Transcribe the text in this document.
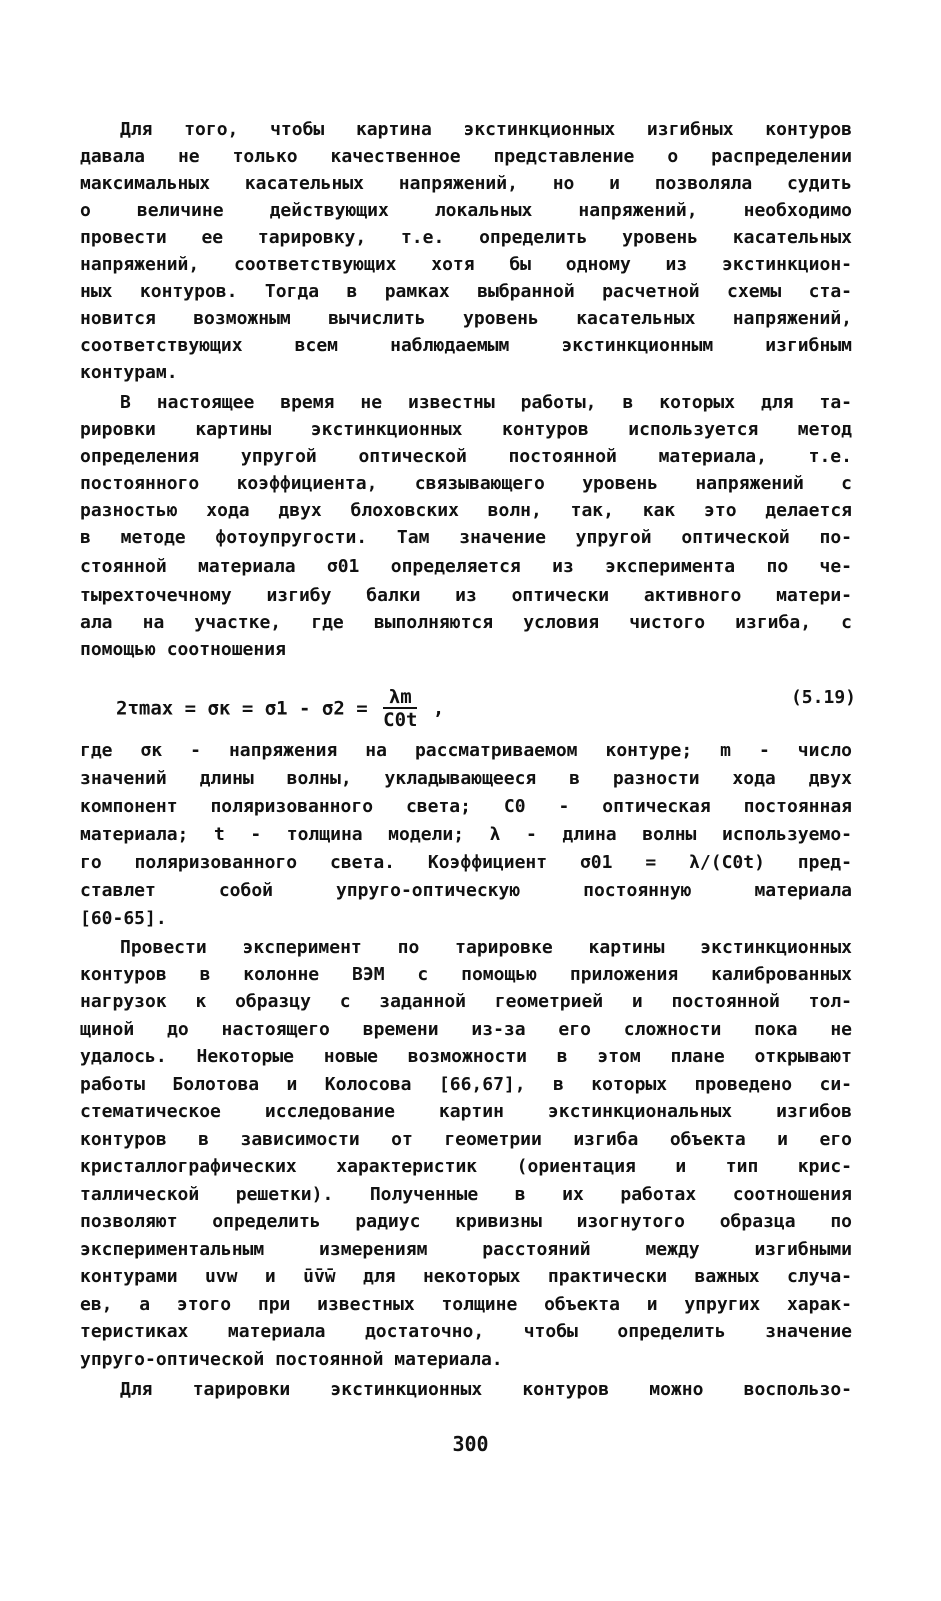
Для того, чтобы картина экстинкционных изгибных контуров
давала не только качественное представление о распределении
максимальных касательных напряжений, но и позволяла судить
о величине действующих локальных напряжений, необходимо
провести ее тарировку, т.е. определить уровень касательных
напряжений, соответствующих хотя бы одному из экстинкцион-
ных контуров. Тогда в рамках выбранной расчетной схемы ста-
новится возможным вычислить уровень касательных напряжений,
соответствующих всем наблюдаемым экстинкционным изгибным
контурам.
В настоящее время не известны работы, в которых для та-
рировки картины экстинкционных контуров используется метод
определения упругой оптической постоянной материала, т.е.
постоянного коэффициента, связывающего уровень напряжений с
разностью хода двух блоховских волн, так, как это делается
в методе фотоупругости. Там значение упругой оптической по-
стоянной материала σ01 определяется из эксперимента по че-
тырехточечному изгибу балки из оптически активного матери-
ала на участке, где выполняются условия чистого изгиба, с
помощью соотношения
$2\tau\max = \sigma к = \sigma 1 - \sigma 2 = \frac{\lambda m}{C0t}$ ,	(5.19)
где σк - напряжения на рассматриваемом контуре; m - число
значений длины волны, укладывающееся в разности хода двух
компонент поляризованного света; C0 - оптическая постоянная
материала; t - толщина модели; λ - длина волны используемо-
го поляризованного света. Коэффициент σ01 = λ/(C0t) пред-
ставлет собой упруго-оптическую постоянную материала
[60-65].
Провести эксперимент по тарировке картины экстинкционных
контуров в колонне ВЭМ с помощью приложения калиброванных
нагрузок к образцу с заданной геометрией и постоянной тол-
щиной до настоящего времени из-за его сложности пока не
удалось. Некоторые новые возможности в этом плане открывают
работы Болотова и Колосова [66,67], в которых проведено си-
стематическое исследование картин экстинкциональных изгибов
контуров в зависимости от геометрии изгиба объекта и его
кристаллографических характеристик (ориентация и тип крис-
таллической решетки). Полученные в их работах соотношения
позволяют определить радиус кривизны изогнутого образца по
экспериментальным измерениям расстояний между изгибными
контурами uvw и ūv̄w̄ для некоторых практически важных случа-
ев, а этого при известных толщине объекта и упругих харак-
теристиках материала достаточно, чтобы определить значение
упруго-оптической постоянной материала.
Для тарировки экстинкционных контуров можно воспользо-
300
